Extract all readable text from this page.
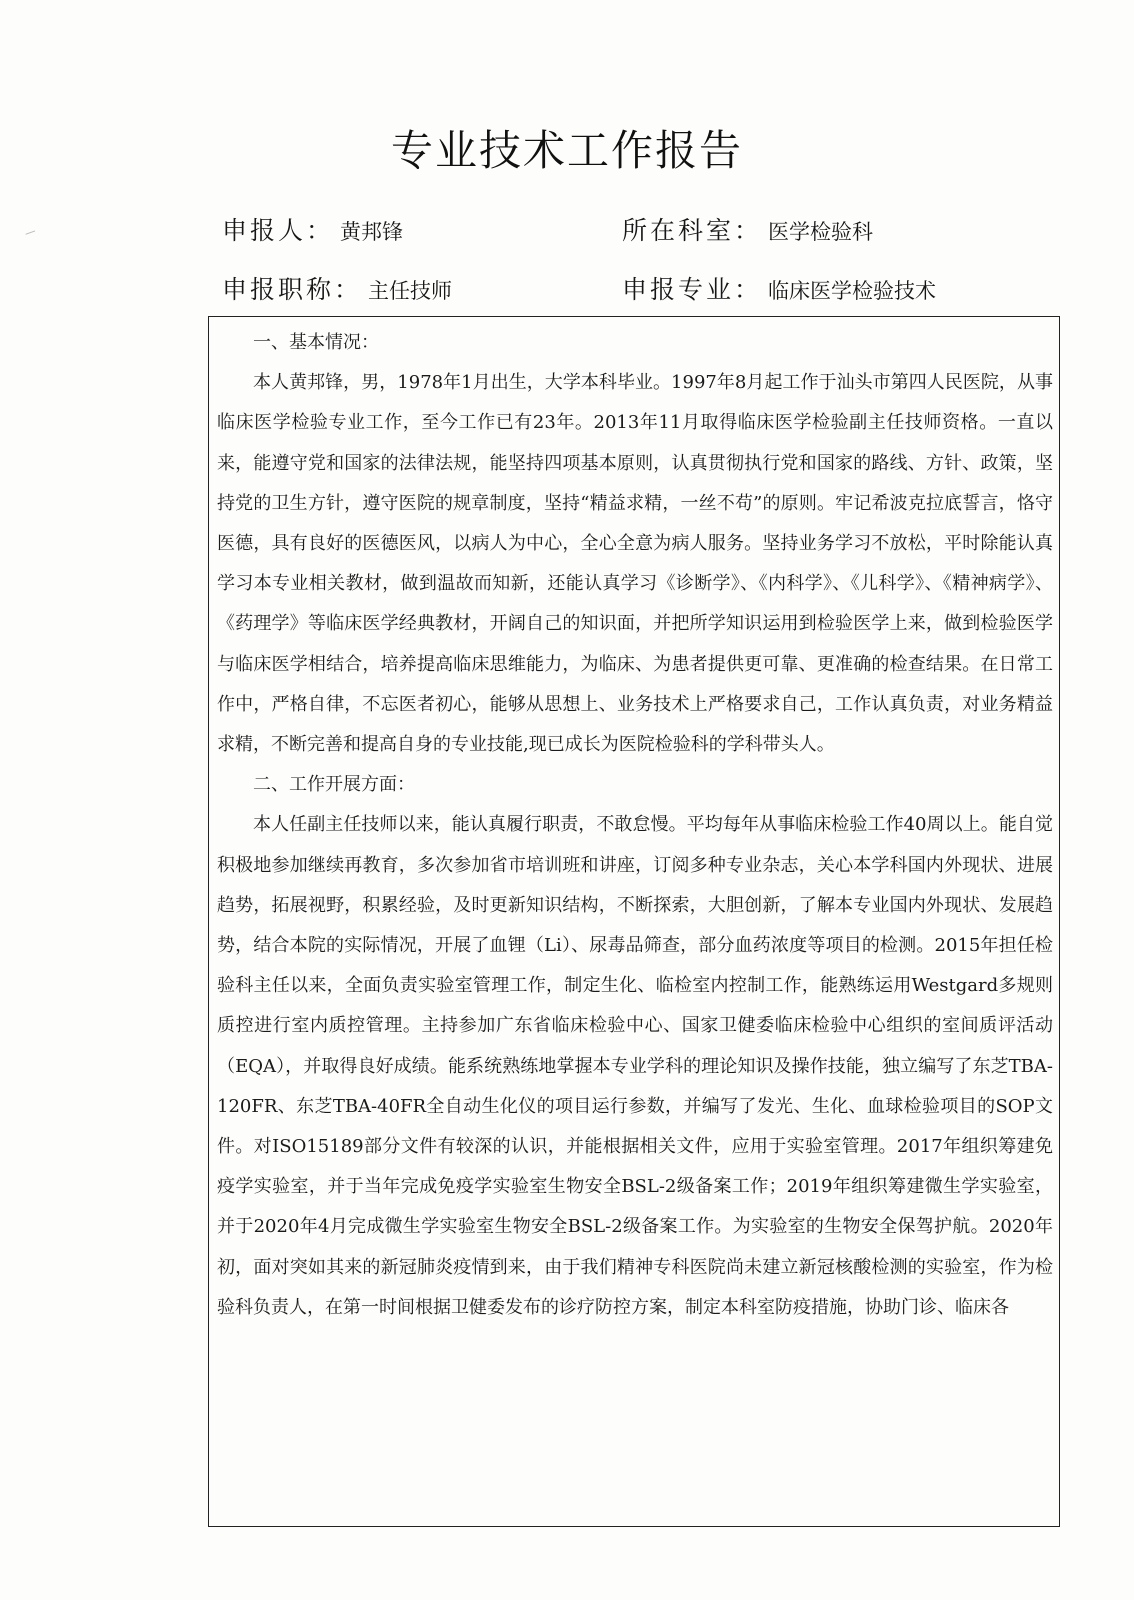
专业技术工作报告
申报人： 黄邦锋	所在科室： 医学检验科
申报职称： 主任技师	申报专业： 临床医学检验技术

一、基本情况：

本人黄邦锋，男，1978年1月出生，大学本科毕业。1997年8月起工作于汕头市第四人民医院，从事临床医学检验专业工作，至今工作已有23年。2013年11月取得临床医学检验副主任技师资格。一直以来，能遵守党和国家的法律法规，能坚持四项基本原则，认真贯彻执行党和国家的路线、方针、政策，坚持党的卫生方针，遵守医院的规章制度，坚持“精益求精，一丝不苟”的原则。牢记希波克拉底誓言，恪守医德，具有良好的医德医风，以病人为中心，全心全意为病人服务。坚持业务学习不放松，平时除能认真学习本专业相关教材，做到温故而知新，还能认真学习《诊断学》、《内科学》、《儿科学》、《精神病学》、《药理学》等临床医学经典教材，开阔自己的知识面，并把所学知识运用到检验医学上来，做到检验医学与临床医学相结合，培养提高临床思维能力，为临床、为患者提供更可靠、更准确的检查结果。在日常工作中，严格自律，不忘医者初心，能够从思想上、业务技术上严格要求自己，工作认真负责，对业务精益求精，不断完善和提高自身的专业技能,现已成长为医院检验科的学科带头人。

二、工作开展方面：

本人任副主任技师以来，能认真履行职责，不敢怠慢。平均每年从事临床检验工作40周以上。能自觉积极地参加继续再教育，多次参加省市培训班和讲座，订阅多种专业杂志，关心本学科国内外现状、进展趋势，拓展视野，积累经验，及时更新知识结构，不断探索，大胆创新，了解本专业国内外现状、发展趋势，结合本院的实际情况，开展了血锂（Li）、尿毒品筛查，部分血药浓度等项目的检测。2015年担任检验科主任以来，全面负责实验室管理工作，制定生化、临检室内控制工作，能熟练运用Westgard多规则质控进行室内质控管理。主持参加广东省临床检验中心、国家卫健委临床检验中心组织的室间质评活动（EQA），并取得良好成绩。能系统熟练地掌握本专业学科的理论知识及操作技能，独立编写了东芝TBA-120FR、东芝TBA-40FR全自动生化仪的项目运行参数，并编写了发光、生化、血球检验项目的SOP文件。对ISO15189部分文件有较深的认识，并能根据相关文件，应用于实验室管理。2017年组织筹建免疫学实验室，并于当年完成免疫学实验室生物安全BSL-2级备案工作；2019年组织筹建微生学实验室，并于2020年4月完成微生学实验室生物安全BSL-2级备案工作。为实验室的生物安全保驾护航。2020年初，面对突如其来的新冠肺炎疫情到来，由于我们精神专科医院尚未建立新冠核酸检测的实验室，作为检验科负责人，在第一时间根据卫健委发布的诊疗防控方案，制定本科室防疫措施，协助门诊、临床各
